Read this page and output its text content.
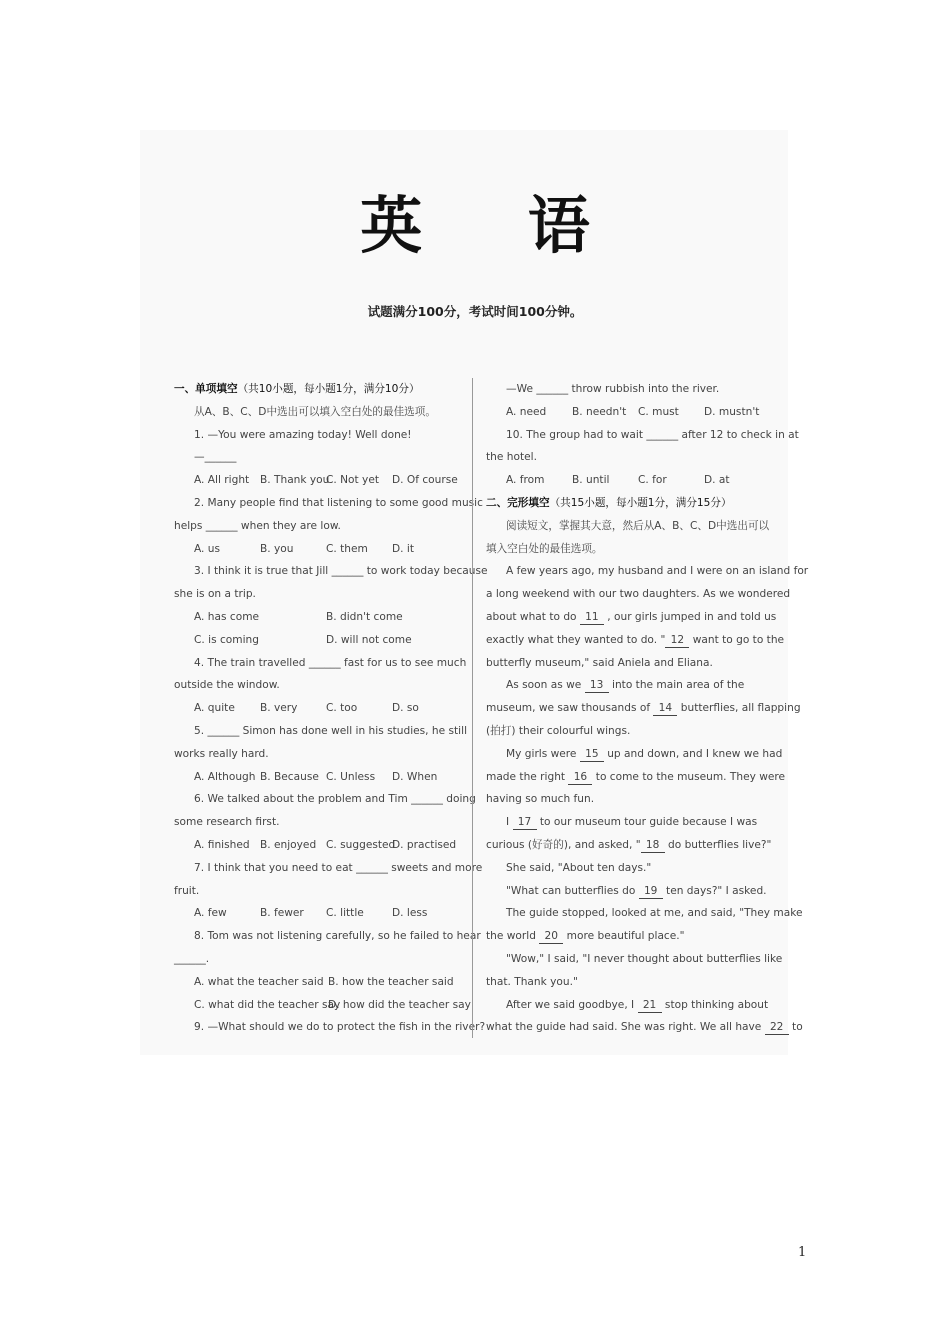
英 语
试题满分100分，考试时间100分钟。
一、单项填空（共10小题，每小题1分，满分10分）
从A、B、C、D中选出可以填入空白处的最佳选项。
1. —You were amazing today! Well done!
—______
A. All right	B. Thank you
C. Not yet	D. Of course
2. Many people find that listening to some good music
helps ______ when they are low.
A. us	B. you	C. them	D. it
3. I think it is true that Jill ______ to work today because
she is on a trip.
A. has come	B. didn't come
C. is coming	D. will not come
4. The train travelled ______ fast for us to see much
outside the window.
A. quite	B. very	C. too	D. so
5. ______ Simon has done well in his studies, he still
works really hard.
A. Although B. Because C. Unless	D. When
6. We talked about the problem and Tim ______ doing
some research first.
A. finished B. enjoyed C. suggested
D. practised
7. I think that you need to eat ______ sweets and more
fruit.
A. few	B. fewer	C. little	D. less
8. Tom was not listening carefully, so he failed to hear
______.
A. what the teacher said B. how the teacher said
C. what did the teacher say
D. how did the teacher say
9. —What should we do to protect the fish in the river?
—We ______ throw rubbish into the river.
A. need	B. needn't	C. must	D. mustn't
10. The group had to wait ______ after 12 to check in at
the hotel.
A. from	B. until	C. for	D. at
二、完形填空（共15小题，每小题1分，满分15分）
阅读短文，掌握其大意，然后从A、B、C、D中选出可以
填入空白处的最佳选项。
A few years ago, my husband and I were on an island for
a long weekend with our two daughters. As we wondered
about what to do 11 , our girls jumped in and told us
exactly what they wanted to do. " 12 want to go to the
butterfly museum," said Aniela and Eliana.
As soon as we 13 into the main area of the
museum, we saw thousands of 14 butterflies, all flapping
(拍打) their colourful wings.
My girls were 15 up and down, and I knew we had
made the right 16 to come to the museum. They were
having so much fun.
I 17 to our museum tour guide because I was
curious (好奇的), and asked, " 18 do butterflies live?"
She said, "About ten days."
"What can butterflies do 19 ten days?" I asked.
The guide stopped, looked at me, and said, "They make
the world 20 more beautiful place."
"Wow," I said, "I never thought about butterflies like
that. Thank you."
After we said goodbye, I 21 stop thinking about
what the guide had said. She was right. We all have 22 to
1
